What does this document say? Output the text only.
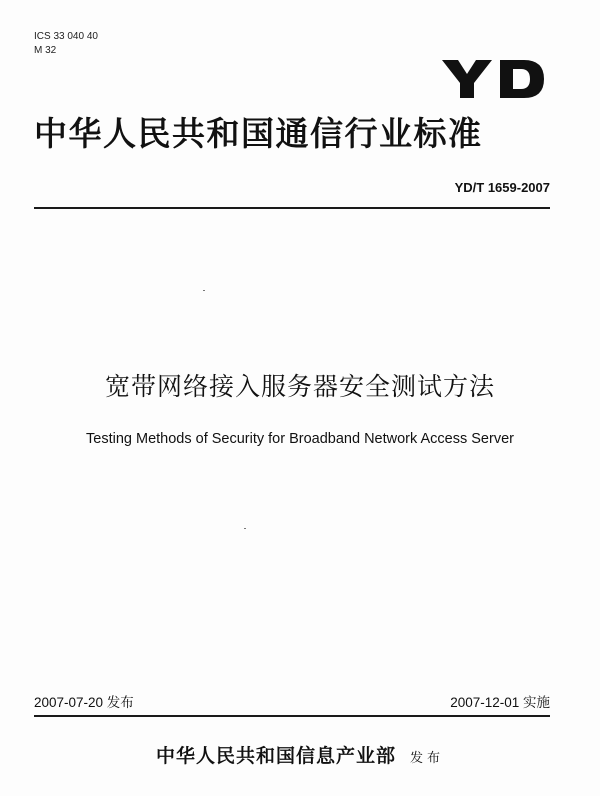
ICS 33 040 40
M 32
中华人民共和国通信行业标准
YD/T 1659-2007
宽带网络接入服务器安全测试方法
Testing Methods of Security for Broadband Network Access Server
2007-07-20 发布	2007-12-01 实施
中华人民共和国信息产业部 发布
